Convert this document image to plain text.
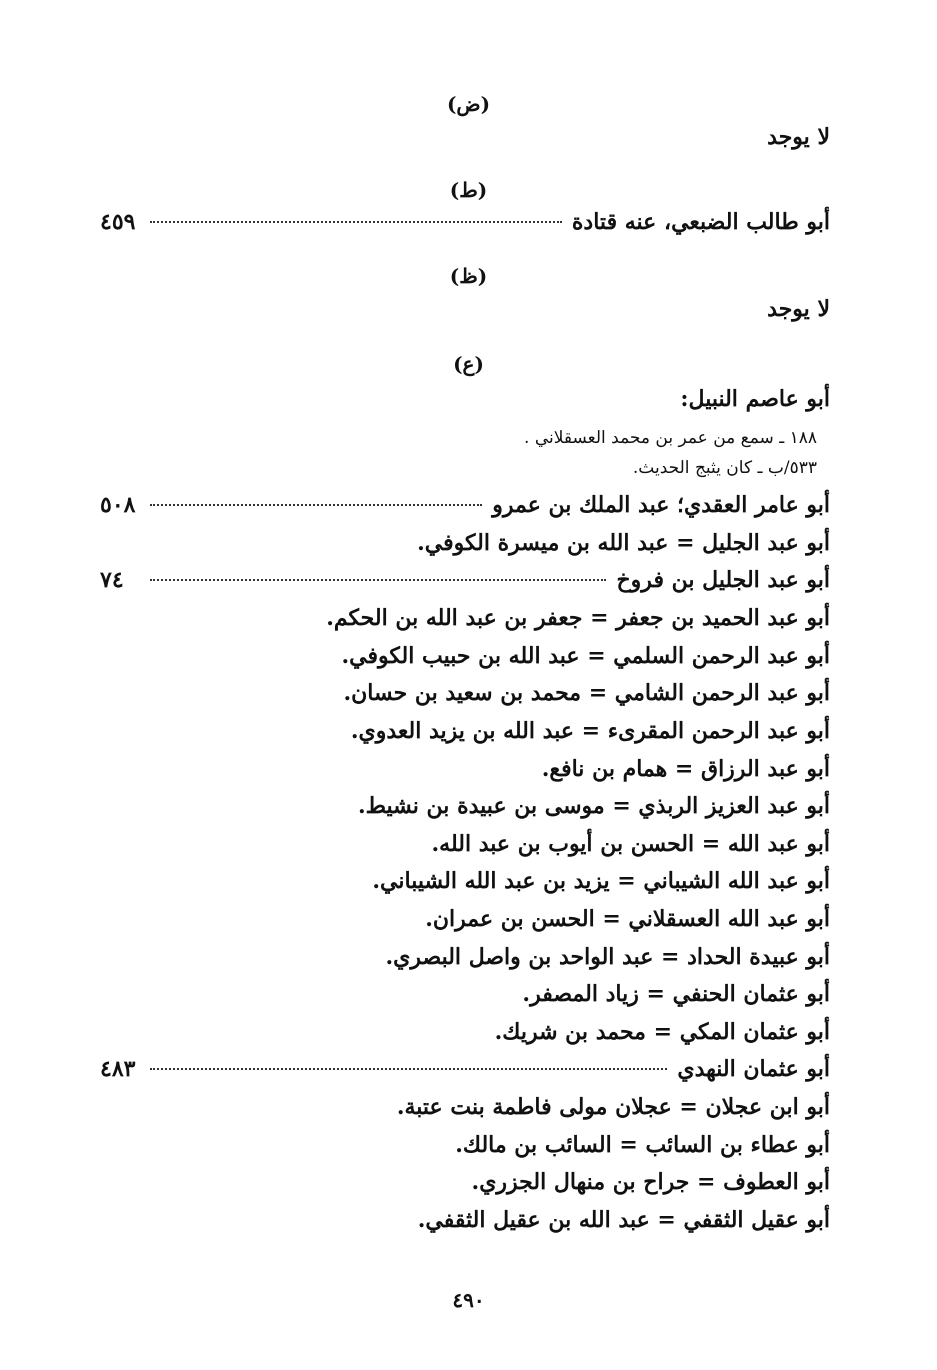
(ض)
لا يوجد
(ط)
أبو طالب الضبعي، عنه قتادة
٤٥٩
(ظ)
لا يوجد
(ع)
أبو عاصم النبيل:
١٨٨ ـ سمع من عمر بن محمد العسقلاني .
٥٣٣/ب ـ كان يثبج الحديث.
أبو عامر العقدي؛ عبد الملك بن عمرو
٥٠٨
أبو عبد الجليل = عبد الله بن ميسرة الكوفي.
أبو عبد الجليل بن فروخ
٧٤
أبو عبد الحميد بن جعفر = جعفر بن عبد الله بن الحكم.
أبو عبد الرحمن السلمي = عبد الله بن حبيب الكوفي.
أبو عبد الرحمن الشامي = محمد بن سعيد بن حسان.
أبو عبد الرحمن المقرىء = عبد الله بن يزيد العدوي.
أبو عبد الرزاق = همام بن نافع.
أبو عبد العزيز الربذي = موسى بن عبيدة بن نشيط.
أبو عبد الله = الحسن بن أيوب بن عبد الله.
أبو عبد الله الشيباني = يزيد بن عبد الله الشيباني.
أبو عبد الله العسقلاني = الحسن بن عمران.
أبو عبيدة الحداد = عبد الواحد بن واصل البصري.
أبو عثمان الحنفي = زياد المصفر.
أبو عثمان المكي = محمد بن شريك.
أبو عثمان النهدي
٤٨٣
أبو ابن عجلان = عجلان مولى فاطمة بنت عتبة.
أبو عطاء بن السائب = السائب بن مالك.
أبو العطوف = جراح بن منهال الجزري.
أبو عقيل الثقفي = عبد الله بن عقيل الثقفي.
٤٩٠
